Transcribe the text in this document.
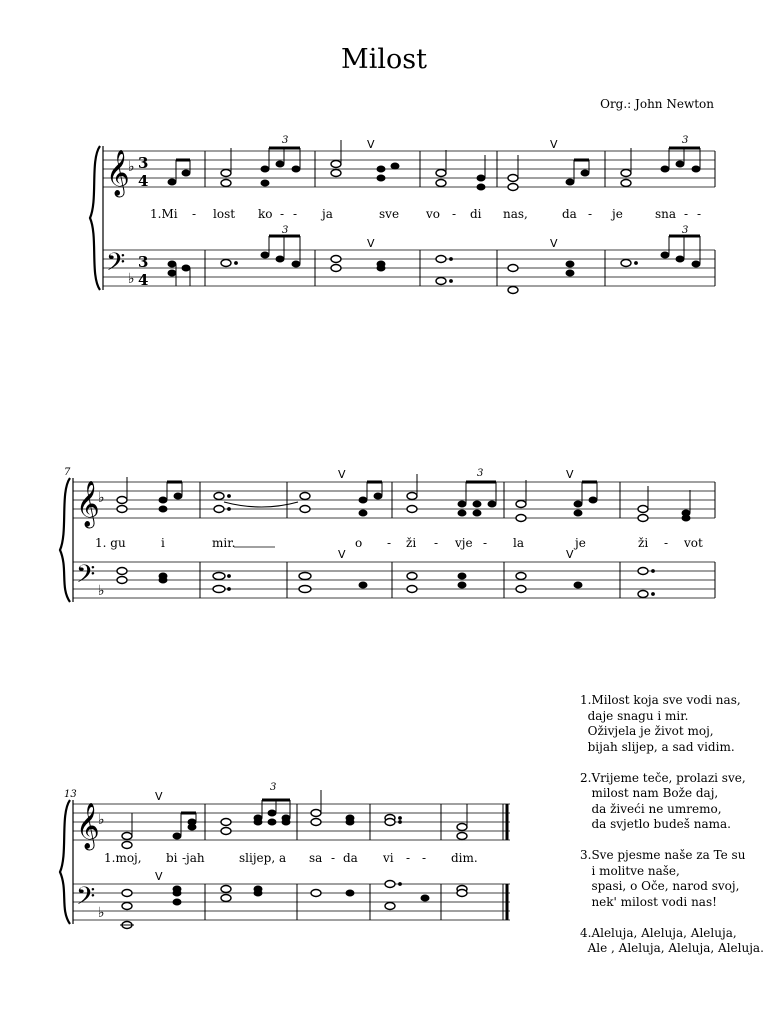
Milost
Org.: John Newton
𝄞
𝄢
♭
♭
3
4
3
4
V
V
V
V
3
3
3
3
1.Mi - lost ko - - ja	sve vo - di nas,	da - je	sna - -
7
𝄞
𝄢
♭
♭
V
V
V
V
3
1. gu	i	mir.	o - ži - vje - la	je	ži - vot
13
𝄞
𝄢
♭
♭
V
V
3
1.moj, bi -jah	slijep, a sa - da vi - - dim.
1.Milost koja sve vodi nas,
daje snagu i mir.
Oživjela je život moj,
bijah slijep, a sad vidim.
2.Vrijeme teče, prolazi sve,
milost nam Bože daj,
da živeći ne umremo,
da svjetlo budeš nama.
3.Sve pjesme naše za Te su
i molitve naše,
spasi, o Oče, narod svoj,
nek' milost vodi nas!
4.Aleluja, Aleluja, Aleluja,
Ale , Aleluja, Aleluja, Aleluja.
